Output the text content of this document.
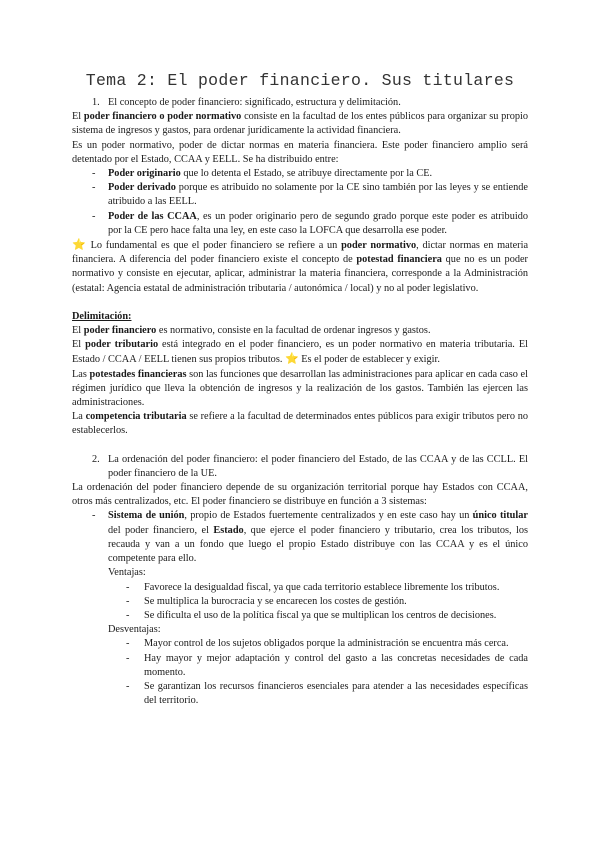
Tema 2: El poder financiero. Sus titulares
1. El concepto de poder financiero: significado, estructura y delimitación.

El poder financiero o poder normativo consiste en la facultad de los entes públicos para organizar su propio sistema de ingresos y gastos, para ordenar jurídicamente la actividad financiera.

Es un poder normativo, poder de dictar normas en materia financiera. Este poder financiero amplio será detentado por el Estado, CCAA y EELL. Se ha distribuido entre:

-	Poder originario que lo detenta el Estado, se atribuye directamente por la CE.
-	Poder derivado porque es atribuido no solamente por la CE sino también por las leyes y se entiende atribuido a las EELL.
-	Poder de las CCAA, es un poder originario pero de segundo grado porque este poder es atribuido por la CE pero hace falta una ley, en este caso la LOFCA que desarrolla ese poder.

⭐ Lo fundamental es que el poder financiero se refiere a un poder normativo, dictar normas en materia financiera. A diferencia del poder financiero existe el concepto de potestad financiera que no es un poder normativo y consiste en ejecutar, aplicar, administrar la materia financiera, corresponde a la Administración (estatal: Agencia estatal de administración tributaria / autonómica / local) y no al poder legislativo.

Delimitación:

El poder financiero es normativo, consiste en la facultad de ordenar ingresos y gastos.

El poder tributario está integrado en el poder financiero, es un poder normativo en materia tributaria. El Estado / CCAA / EELL tienen sus propios tributos. ⭐ Es el poder de establecer y exigir.

Las potestades financieras son las funciones que desarrollan las administraciones para aplicar en cada caso el régimen jurídico que lleva la obtención de ingresos y la realización de los gastos. También las ejercen las administraciones.

La competencia tributaria se refiere a la facultad de determinados entes públicos para exigir tributos pero no establecerlos.

2. La ordenación del poder financiero: el poder financiero del Estado, de las CCAA y de las CCLL. El poder financiero de la UE.

La ordenación del poder financiero depende de su organización territorial porque hay Estados con CCAA, otros más centralizados, etc. El poder financiero se distribuye en función a 3 sistemas:

-	Sistema de unión, propio de Estados fuertemente centralizados y en este caso hay un único titular del poder financiero, el Estado, que ejerce el poder financiero y tributario, crea los tributos, los recauda y van a un fondo que luego el propio Estado distribuye con las CCAA y es el único competente para ello.

Ventajas:

-	Favorece la desigualdad fiscal, ya que cada territorio establece libremente los tributos.
-	Se multiplica la burocracia y se encarecen los costes de gestión.
-	Se dificulta el uso de la política fiscal ya que se multiplican los centros de decisiones.

Desventajas:

-	Mayor control de los sujetos obligados porque la administración se encuentra más cerca.
-	Hay mayor y mejor adaptación y control del gasto a las concretas necesidades de cada momento.
-	Se garantizan los recursos financieros esenciales para atender a las necesidades específicas del territorio.
